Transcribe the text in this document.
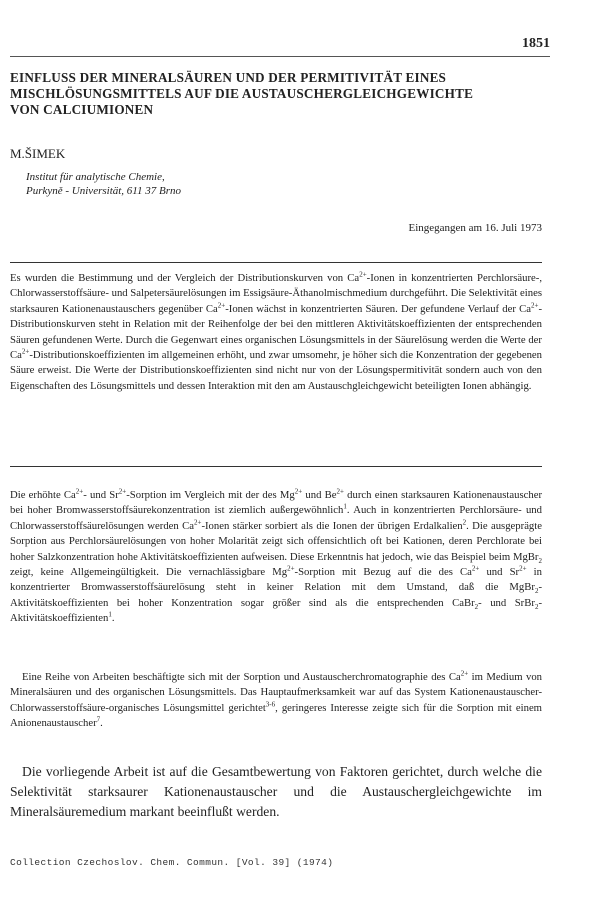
1851
EINFLUSS DER MINERALSÄUREN UND DER PERMITIVITÄT EINES
MISCHLÖSUNGSMITTELS AUF DIE AUSTAUSCHERGLEICHGEWICHTE
VON CALCIUMIONEN
M.ŠIMEK
Institut für analytische Chemie,
Purkyně - Universität, 611 37 Brno
Eingegangen am 16. Juli 1973

Es wurden die Bestimmung und der Vergleich der Distributionskurven von $Ca^{2+}$-Ionen in konzentrierten Perchlorsäure-, Chlorwasserstoffsäure- und Salpetersäurelösungen im Essigsäure-Äthanolmischmedium durchgeführt. Die Selektivität eines starksauren Kationenaustauschers gegenüber $Ca^{2+}$-Ionen wächst in konzentrierten Säuren. Der gefundene Verlauf der $Ca^{2+}$-Distributionskurven steht in Relation mit der Reihenfolge der bei den mittleren Aktivitätskoeffizienten der entsprechenden Säuren gefundenen Werte. Durch die Gegenwart eines organischen Lösungsmittels in der Säurelösung werden die Werte der $Ca^{2+}$-Distributionskoeffizienten im allgemeinen erhöht, und zwar umsomehr, je höher sich die Konzentration der gegebenen Säure erweist. Die Werte der Distributionskoeffizienten sind nicht nur von der Lösungspermitivität sondern auch von den Eigenschaften des Lösungsmittels und dessen Interaktion mit den am Austauschgleichgewicht beteiligten Ionen abhängig.

Die erhöhte $Ca^{2+}-$ und $Sr^{2+}$-Sorption im Vergleich mit der des $Mg^{2+}$ und $Be^{2+}$ durch einen starksauren Kationenaustauscher bei hoher Bromwasserstoffsäurekonzentration ist ziemlich außergewöhnlich$^1$. Auch in konzentrierten Perchlorsäure- und Chlorwasserstoffsäurelösungen werden $Ca^{2+}$-Ionen stärker sorbiert als die Ionen der übrigen Erdalkalien$^2$. Die ausgeprägte Sorption aus Perchlorsäurelösungen von hoher Molarität zeigt sich offensichtlich oft bei Kationen, deren Perchlorate bei hoher Salzkonzentration hohe Aktivitätskoeffizienten aufweisen. Diese Erkenntnis hat jedoch, wie das Beispiel beim MgBr$_2$ zeigt, keine Allgemeingültigkeit. Die vernachlässigbare $Mg^{2+}$-Sorption mit Bezug auf die des $Ca^{2+}$ und $Sr^{2+}$ in konzentrierter Bromwasserstoffsäurelösung steht in keiner Relation mit dem Umstand, daß die MgBr$_2$-Aktivitätskoeffizienten bei hoher Konzentration sogar größer sind als die entsprechenden CaBr$_2$- und SrBr$_2$-Aktivitätskoeffizienten$^1$.

Eine Reihe von Arbeiten beschäftigte sich mit der Sorption und Austauscherchromatographie des $Ca^{2+}$ im Medium von Mineralsäuren und des organischen Lösungsmittels. Das Hauptaufmerksamkeit war auf das System Kationenaustauscher-Chlorwasserstoffsäure-organisches Lösungsmittel gerichtet$^{3-6}$, geringeres Interesse zeigte sich für die Sorption mit einem Anionenaustauscher$^7$.

Die vorliegende Arbeit ist auf die Gesamtbewertung von Faktoren gerichtet, durch welche die Selektivität starksaurer Kationenaustauscher und die Austauschergleichgewichte im Mineralsäuremedium markant beeinflußt werden.

Collection Czechoslov. Chem. Commun. [Vol. 39] (1974)
